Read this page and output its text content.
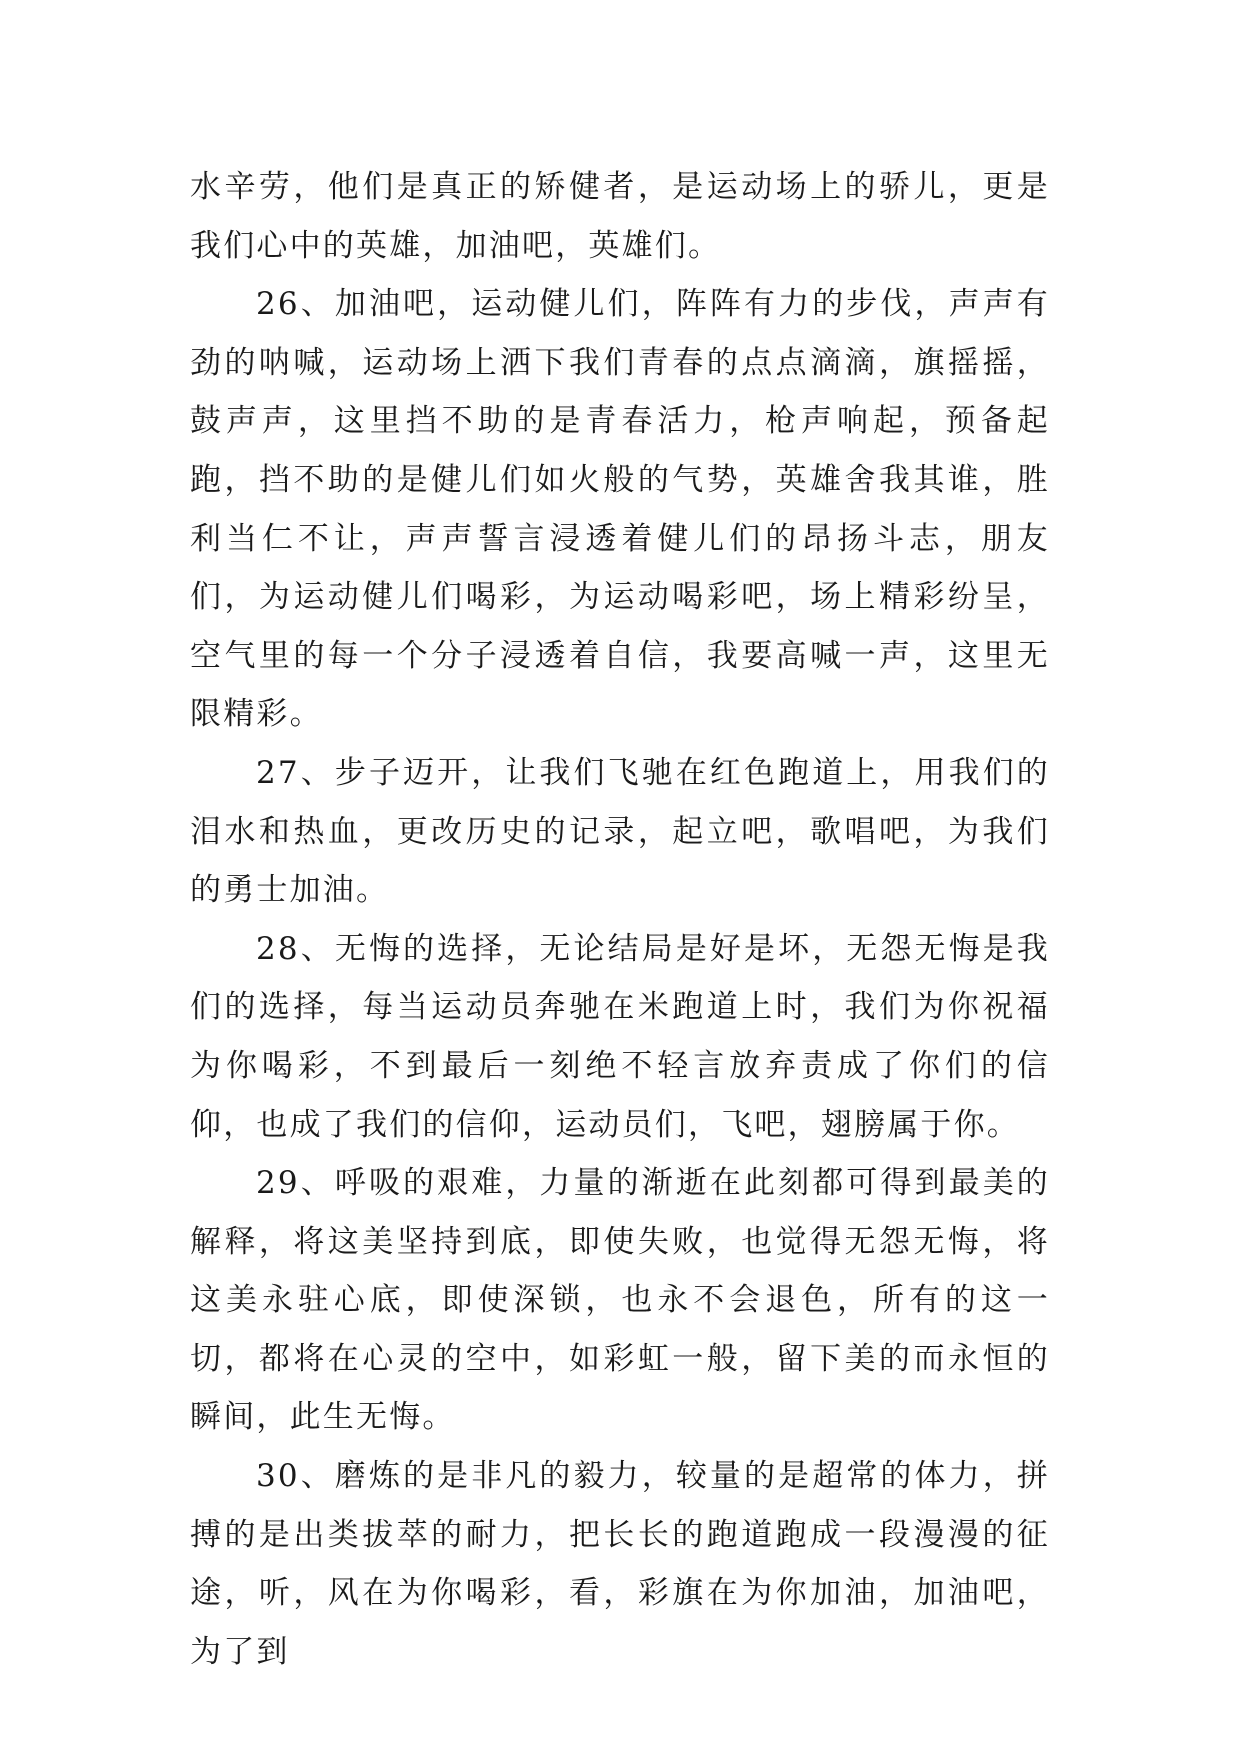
水辛劳，他们是真正的矫健者，是运动场上的骄儿，更是我们心中的英雄，加油吧，英雄们。

26、加油吧，运动健儿们，阵阵有力的步伐，声声有劲的呐喊，运动场上洒下我们青春的点点滴滴，旗摇摇，鼓声声，这里挡不助的是青春活力，枪声响起，预备起跑，挡不助的是健儿们如火般的气势，英雄舍我其谁，胜利当仁不让，声声誓言浸透着健儿们的昂扬斗志，朋友们，为运动健儿们喝彩，为运动喝彩吧，场上精彩纷呈，空气里的每一个分子浸透着自信，我要高喊一声，这里无限精彩。

27、步子迈开，让我们飞驰在红色跑道上，用我们的泪水和热血，更改历史的记录，起立吧，歌唱吧，为我们的勇士加油。

28、无悔的选择，无论结局是好是坏，无怨无悔是我们的选择，每当运动员奔驰在米跑道上时，我们为你祝福为你喝彩，不到最后一刻绝不轻言放弃责成了你们的信仰，也成了我们的信仰，运动员们，飞吧，翅膀属于你。

29、呼吸的艰难，力量的渐逝在此刻都可得到最美的解释，将这美坚持到底，即使失败，也觉得无怨无悔，将这美永驻心底，即使深锁，也永不会退色，所有的这一切，都将在心灵的空中，如彩虹一般，留下美的而永恒的瞬间，此生无悔。

30、磨炼的是非凡的毅力，较量的是超常的体力，拼搏的是出类拔萃的耐力，把长长的跑道跑成一段漫漫的征途，听，风在为你喝彩，看，彩旗在为你加油，加油吧，为了到
